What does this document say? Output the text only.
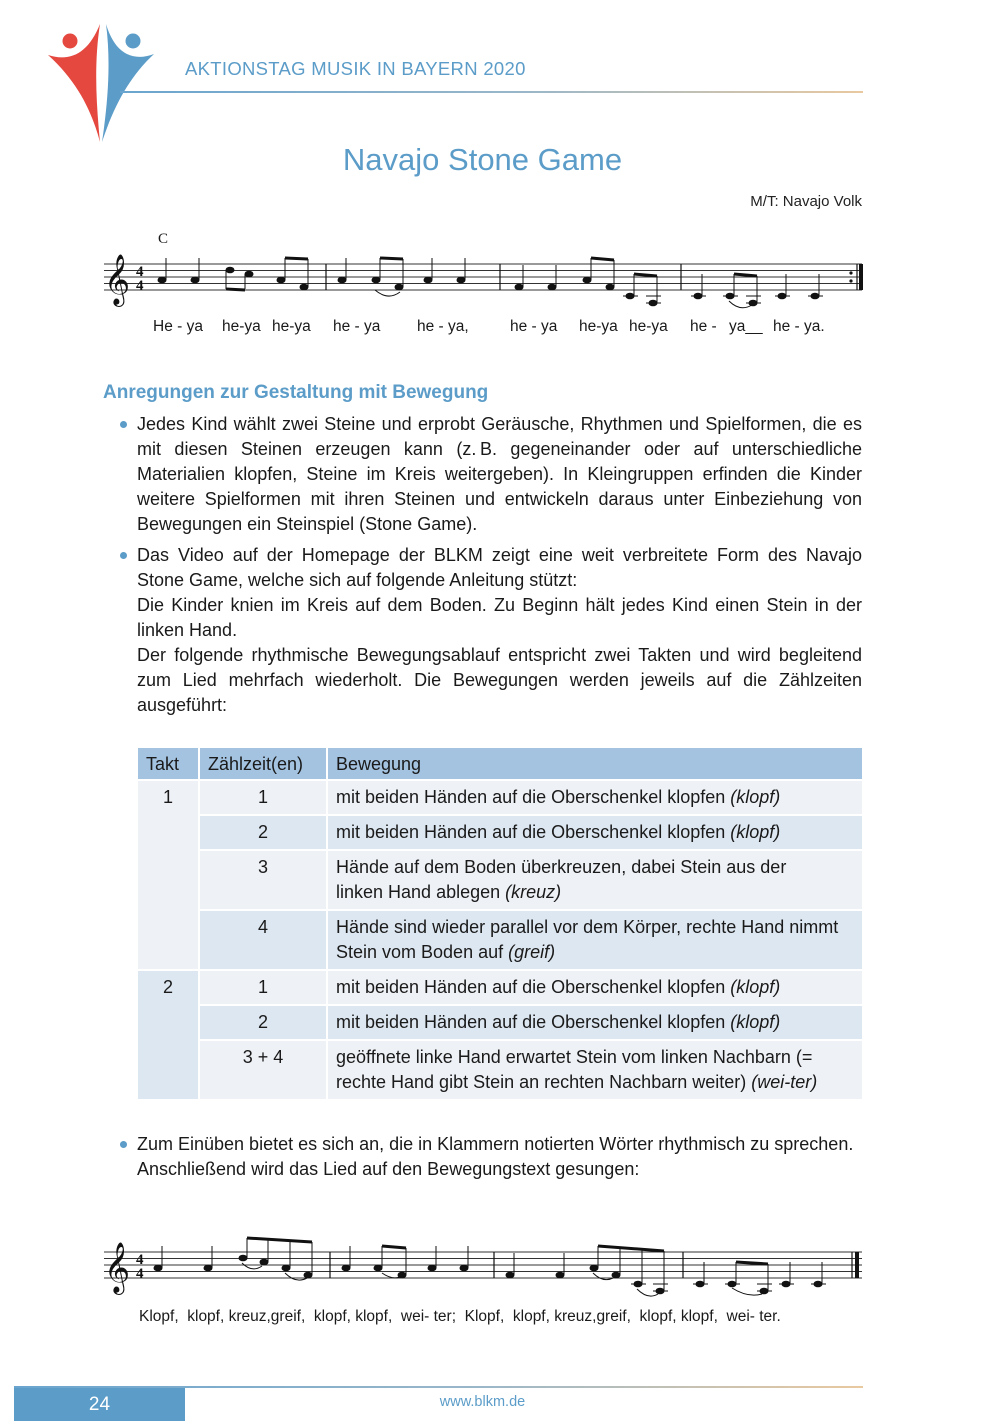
AKTIONSTAG MUSIK IN BAYERN 2020
Navajo Stone Game
M/T: Navajo Volk
C
𝄞 4
4
He - ya he-ya he-ya he - ya he - ya,	he - ya he-ya he-ya he - ya__ he - ya.
Anregungen zur Gestaltung mit Bewegung

Jedes Kind wählt zwei Steine und erprobt Geräusche, Rhythmen und Spielformen, die es mit diesen Steinen erzeugen kann (z. B. gegeneinander oder auf unterschiedliche Materialien klopfen, Steine im Kreis weitergeben). In Kleingruppen erfinden die Kinder weitere Spielformen mit ihren Steinen und entwickeln daraus unter Einbeziehung von Bewegungen ein Steinspiel (Stone Game).

Das Video auf der Homepage der BLKM zeigt eine weit verbreitete Form des Navajo Stone Game, welche sich auf folgende Anleitung stützt:

Die Kinder knien im Kreis auf dem Boden. Zu Beginn hält jedes Kind einen Stein in der linken Hand.

Der folgende rhythmische Bewegungsablauf entspricht zwei Takten und wird begleitend zum Lied mehrfach wiederholt. Die Bewegungen werden jeweils auf die Zählzeiten ausgeführt:

Takt	Zählzeit(en)	Bewegung
1	1	mit beiden Händen auf die Oberschenkel klopfen (klopf)
	2	mit beiden Händen auf die Oberschenkel klopfen (klopf)
	3	Hände auf dem Boden überkreuzen, dabei Stein aus der linken Hand ablegen (kreuz)
	4	Hände sind wieder parallel vor dem Körper, rechte Hand nimmt Stein vom Boden auf (greif)
2	1	mit beiden Händen auf die Oberschenkel klopfen (klopf)
	2	mit beiden Händen auf die Oberschenkel klopfen (klopf)
	3 + 4	geöffnete linke Hand erwartet Stein vom linken Nachbarn (= rechte Hand gibt Stein an rechten Nachbarn weiter) (wei-ter)

Zum Einüben bietet es sich an, die in Klammern notierten Wörter rhythmisch zu sprechen. Anschließend wird das Lied auf den Bewegungstext gesungen:

𝄞 4
4
Klopf,  klopf, kreuz,greif,  klopf, klopf,  wei- ter;  Klopf,  klopf, kreuz,greif,  klopf, klopf,  wei- ter.
24	www.blkm.de
